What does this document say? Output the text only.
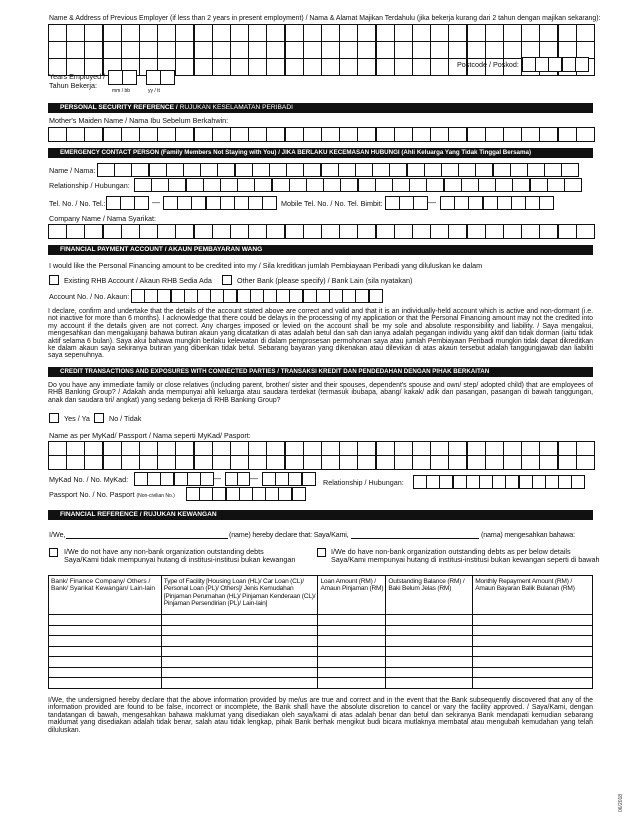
Name & Address of Previous Employer (if less than 2 years in present employment) / Nama & Alamat Majikan Terdahulu (jika bekerja kurang dari 2 tahun dengan majikan sekarang):
Postcode / Poskod:
Years Employed /
Tahun Bekerja:
mm / bb	yy / tt
PERSONAL SECURITY REFERENCE / RUJUKAN KESELAMATAN PERIBADI
Mother's Maiden Name / Nama Ibu Sebelum Berkahwin:
EMERGENCY CONTACT PERSON (Family Members Not Staying with You) / JIKA BERLAKU KECEMASAN HUBUNGI (Ahli Keluarga Yang Tidak Tinggal Bersama)
Name / Nama:
Relationship / Hubungan:
Tel. No. / No. Tel.:	—	Mobile Tel. No. / No. Tel. Bimbit:	—
Company Name / Nama Syarikat:
FINANCIAL PAYMENT ACCOUNT / AKAUN PEMBAYARAN WANG
I would like the Personal Financing amount to be credited into my / Sila kreditkan jumlah Pembiayaan Peribadi yang diluluskan ke dalam
Existing RHB Account / Akaun RHB Sedia Ada	Other Bank (please specify) / Bank Lain (sila nyatakan)
Account No. / No. Akaun:
I declare, confirm and undertake that the details of the account stated above are correct and valid and that it is an individually-held account which is active and non-dormant (i.e. not inactive for more than 6 months). I acknowledge that there could be delays in the processing of my application or that the Personal Financing amount may not the credited into my account if the details given are not correct. Any charges imposed or levied on the account shall be my sole and absolute responsibility and liability. / Saya mengakui, mengesahkan dan mengakujanji bahawa butiran akaun yang dicatatkan di atas adalah betul dan sah dan ianya adalah pegangan individu yang aktif dan tidak dorman (iaitu tidak aktif selama 6 bulan). Saya akui bahawa mungkin berlaku kelewatan di dalam pemprosesan permohonan saya atau jumlah Pembiayaan Peribadi mungkin tidak dapat dikreditkan ke dalam akaun saya sekiranya butiran yang diberikan tidak betul. Sebarang bayaran yang dikenakan atau dilevikan di atas akaun tersebut adalah tanggungjawab dan liabiliti saya sepenuhnya.
CREDIT TRANSACTIONS AND EXPOSURES WITH CONNECTED PARTIES / TRANSAKSI KREDIT DAN PENDEDAHAN DENGAN PIHAK BERKAITAN
Do you have any immediate family or close relatives (including parent, brother/ sister and their spouses, dependent's spouse and own/ step/ adopted child) that are employees of RHB Banking Group? / Adakah anda mempunyai ahli keluarga atau saudara terdekat (termasuk ibubapa, abang/ kakak/ adik dan pasangan, pasangan di bawah tanggungan, anak dan saudara tiri/ angkat) yang sedang bekerja di RHB Banking Group?
Yes / Ya	No / Tidak
Name as per MyKad/ Passport / Nama seperti MyKad/ Pasport:
MyKad No. / No. MyKad:	—	—	Relationship / Hubungan:
Passport No. / No. Pasport (Non-civilian No.)
FINANCIAL REFERENCE / RUJUKAN KEWANGAN
I/We,	(name) hereby declare that: Saya/Kami,	(nama) mengesahkan bahawa:
I/We do not have any non-bank organization outstanding debts
Saya/Kami tidak mempunyai hutang di institusi-institusi bukan kewangan
I/We do have non-bank organization outstanding debts as per below details
Saya/Kami mempunyai hutang di institusi-institusi bukan kewangan seperti di bawah
Bank/ Finance Company/ Others / Bank/ Syarikat Kewangan/ Lain-lain	Type of Facility [Housing Loan (HL)/ Car Loan (CL)/ Personal Loan (PL)/ Others]/ Jenis Kemudahan [Pinjaman Perumahan (HL)/ Pinjaman Kenderaan (CL)/ Pinjaman Persendirian (PL)/ Lain-lain]	Loan Amount (RM) / Amaun Pinjaman (RM)	Outstanding Balance (RM) / Baki Belum Jelas (RM)	Monthly Repayment Amount (RM) / Amaun Bayaran Balik Bulanan (RM)

I/We, the undersigned hereby declare that the above information provided by me/us are true and correct and in the event that the Bank subsequently discovered that any of the information provided are found to be false, incorrect or incomplete, the Bank shall have the absolute discretion to cancel or vary the facility approved. / Saya/Kami, dengan tandatangan di bawah, mengesahkan bahawa maklumat yang disediakan oleh saya/kami di atas adalah benar dan betul dan sekiranya Bank mendapati kemudian sebarang maklumat yang disediakan adalah tidak benar, salah atau tidak lengkap, pihak Bank berhak mengikut budi bicara mutlaknya membatal atau mengubah kemudahan yang telah diluluskan.
06/2018
